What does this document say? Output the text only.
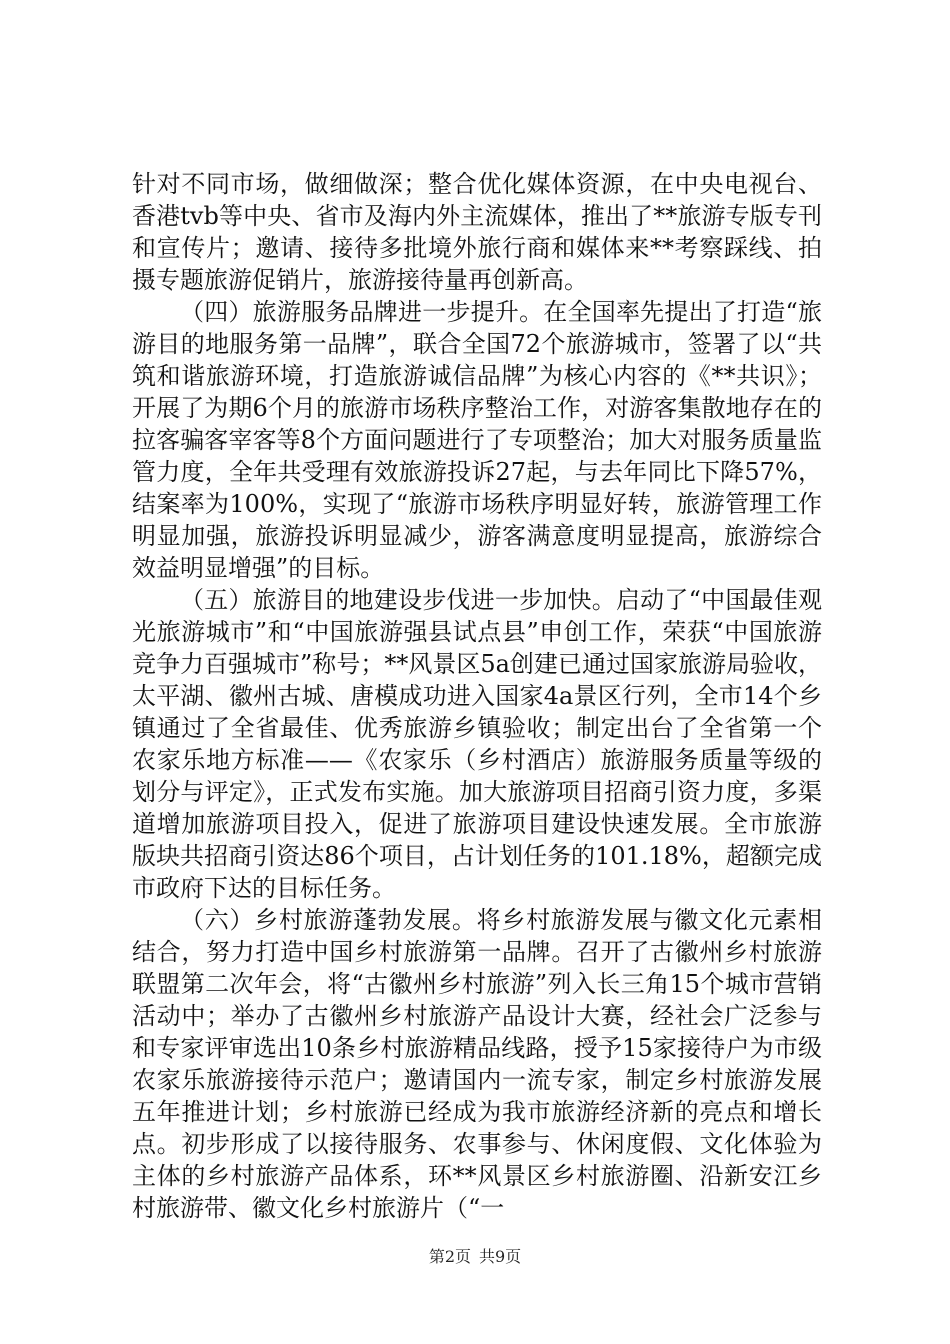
针对不同市场，做细做深；整合优化媒体资源，在中央电视台、香港tvb等中央、省市及海内外主流媒体，推出了**旅游专版专刊和宣传片；邀请、接待多批境外旅行商和媒体来**考察踩线、拍摄专题旅游促销片，旅游接待量再创新高。

（四）旅游服务品牌进一步提升。在全国率先提出了打造“旅游目的地服务第一品牌”，联合全国72个旅游城市，签署了以“共筑和谐旅游环境，打造旅游诚信品牌”为核心内容的《**共识》；开展了为期6个月的旅游市场秩序整治工作，对游客集散地存在的拉客骗客宰客等8个方面问题进行了专项整治；加大对服务质量监管力度，全年共受理有效旅游投诉27起，与去年同比下降57%，结案率为100%，实现了“旅游市场秩序明显好转，旅游管理工作明显加强，旅游投诉明显减少，游客满意度明显提高，旅游综合效益明显增强”的目标。

（五）旅游目的地建设步伐进一步加快。启动了“中国最佳观光旅游城市”和“中国旅游强县试点县”申创工作，荣获“中国旅游竞争力百强城市”称号；**风景区5a创建已通过国家旅游局验收，太平湖、徽州古城、唐模成功进入国家4a景区行列，全市14个乡镇通过了全省最佳、优秀旅游乡镇验收；制定出台了全省第一个农家乐地方标准——《农家乐（乡村酒店）旅游服务质量等级的划分与评定》，正式发布实施。加大旅游项目招商引资力度，多渠道增加旅游项目投入，促进了旅游项目建设快速发展。全市旅游版块共招商引资达86个项目，占计划任务的101.18%，超额完成市政府下达的目标任务。

（六）乡村旅游蓬勃发展。将乡村旅游发展与徽文化元素相结合，努力打造中国乡村旅游第一品牌。召开了古徽州乡村旅游联盟第二次年会，将“古徽州乡村旅游”列入长三角15个城市营销活动中；举办了古徽州乡村旅游产品设计大赛，经社会广泛参与和专家评审选出10条乡村旅游精品线路，授予15家接待户为市级农家乐旅游接待示范户；邀请国内一流专家，制定乡村旅游发展五年推进计划；乡村旅游已经成为我市旅游经济新的亮点和增长点。初步形成了以接待服务、农事参与、休闲度假、文化体验为主体的乡村旅游产品体系，环**风景区乡村旅游圈、沿新安江乡村旅游带、徽文化乡村旅游片（“一

第2页 共9页
